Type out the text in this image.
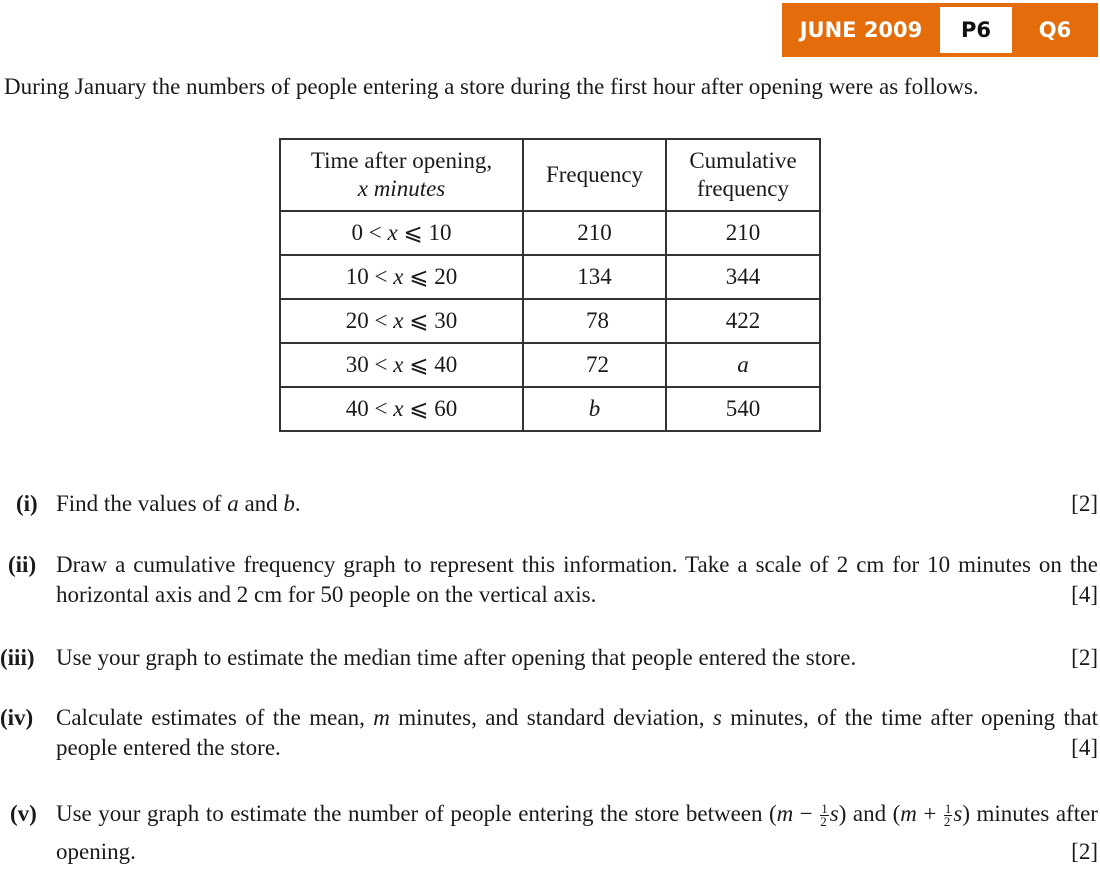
JUNE 2009	P6	Q6

During January the numbers of people entering a store during the first hour after opening were as follows.

Time after opening,
x minutes	Frequency	Cumulative
frequency
0 < x ⩽ 10	210	210
10 < x ⩽ 20	134	344
20 < x ⩽ 30	78	422
30 < x ⩽ 40	72	a
40 < x ⩽ 60	b	540
(i) Find the values of a and b.	[2]
(ii) Draw a cumulative frequency graph to represent this information. Take a scale of 2 cm for 10 minutes on the horizontal axis and 2 cm for 50 people on the vertical axis.	[4]
(iii) Use your graph to estimate the median time after opening that people entered the store.	[2]
(iv) Calculate estimates of the mean, m minutes, and standard deviation, s minutes, of the time after opening that people entered the store.	[4]
(v) Use your graph to estimate the number of people entering the store between $(m - \frac{1}{2} s)$ and $(m + \frac{1}{2} s)$ minutes after opening.	[2]
